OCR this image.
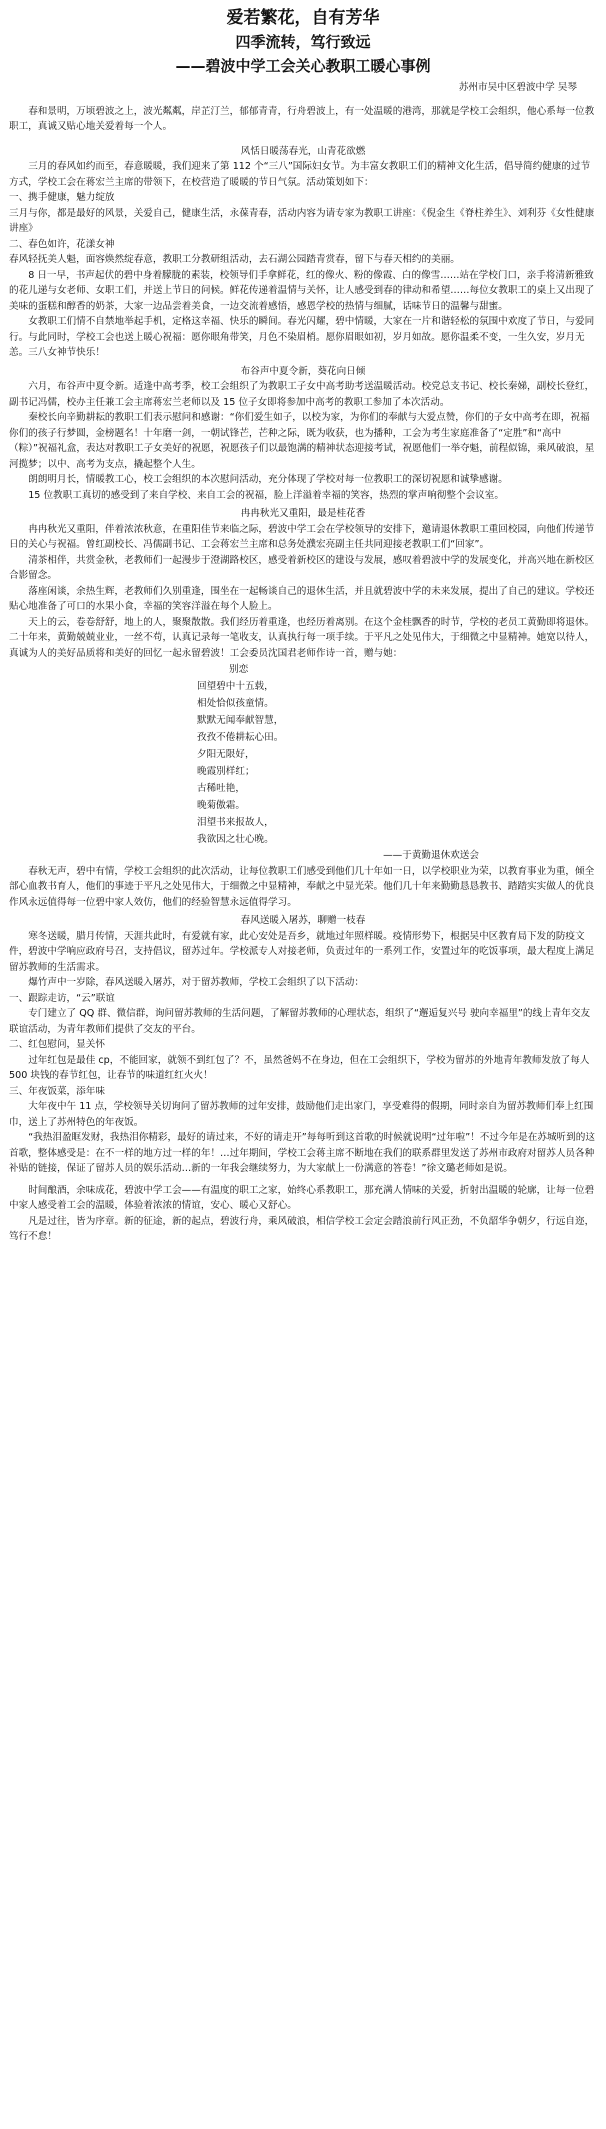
爱若繁花，自有芳华

四季流转，笃行致远

——碧波中学工会关心教职工暖心事例

苏州市吴中区碧波中学 吴琴

春和景明，万顷碧波之上，波光粼粼，岸芷汀兰，郁郁青青，行舟碧波上，有一处温暖的港湾，那就是学校工会组织，他心系每一位教职工，真诚又贴心地关爱着每一个人。

风恬日暖荡春光，山青花欲燃

三月的春风如约而至，春意暖暖，我们迎来了第 112 个“三八”国际妇女节。为丰富女教职工们的精神文化生活，倡导简约健康的过节方式，学校工会在蒋宏兰主席的带领下，在校营造了暖暖的节日气氛。活动策划如下：

一、携手健康，魅力绽放

三月与你，都是最好的风景，关爱自己，健康生活，永葆青春，活动内容为请专家为教职工讲座：《倪金生《脊柱养生》、刘利芬《女性健康讲座》

二、春色如许，花漾女神

春风轻抚美人魁，面容焕然绽春意，教职工分教研组活动，去石湖公园踏青赏春，留下与春天相约的美丽。

8 日一早，书声起伏的碧中身着朦胧的素装，校领导们手拿鲜花，红的像火、粉的像霞、白的像雪……站在学校门口，亲手将清新雅致的花儿递与女老师、女职工们，并送上节日的问候。鲜花传递着温情与关怀，让人感受到春的律动和希望……每位女教职工的桌上又出现了美味的蛋糕和醇香的奶茶，大家一边品尝着美食，一边交流着感悟，感恩学校的热情与细腻，话味节日的温馨与甜蜜。

女教职工们情不自禁地举起手机，定格这幸福、快乐的瞬间。春光闪耀，碧中情暖，大家在一片和谐轻松的氛围中欢度了节日，与爱同行。与此同时，学校工会也送上暖心祝福：愿你眼角带笑，月色不染眉梢。愿你眉眼如初，岁月如故。愿你温柔不变，一生久安，岁月无恙。三八女神节快乐！

布谷声中夏令新，葵花向日倾

六月，布谷声中夏令新。适逢中高考季，校工会组织了为教职工子女中高考助考送温暖活动。校党总支书记、校长秦娣，副校长登红，副书记冯儒，校办主任兼工会主席蒋宏兰老师以及 15 位子女即将参加中高考的教职工参加了本次活动。

秦校长向辛勤耕耘的教职工们表示慰问和感谢：“你们爱生如子，以校为家，为你们的奉献与大爱点赞，你们的子女中高考在即，祝福你们的孩子行梦圆，金榜题名！十年磨一剑，一朝试锋芒，芒种之际，既为收获，也为播种，工会为考生家庭准备了“定胜”和“高中（粽）”祝福礼盒，表达对教职工子女美好的祝愿，祝愿孩子们以最饱满的精神状态迎接考试，祝愿他们一举夺魁，前程似锦，乘风破浪，星河揽梦；以中、高考为支点，撬起整个人生。

朗朗明月长，情暖教工心，校工会组织的本次慰问活动，充分体现了学校对每一位教职工的深切祝愿和诚挚感谢。

15 位教职工真切的感受到了来自学校、来自工会的祝福，脸上洋溢着幸福的笑容，热烈的掌声响彻整个会议室。

冉冉秋光又重阳，最是桂花香

冉冉秋光又重阳，伴着浓浓秋意，在重阳佳节来临之际，碧波中学工会在学校领导的安排下，邀请退休教职工重回校园，向他们传递节日的关心与祝福。曾红副校长、冯儒副书记、工会蒋宏兰主席和总务处濮宏亮副主任共同迎接老教职工们“回家”。

清茶相伴，共赏金秋，老教师们一起漫步于澄湖路校区，感受着新校区的建设与发展，感叹着碧波中学的发展变化，并高兴地在新校区合影留念。

落座闲谈，余热生辉，老教师们久别重逢，围坐在一起畅谈自己的退休生活，并且就碧波中学的未来发展，提出了自己的建议。学校还贴心地准备了可口的水果小食，幸福的笑容洋溢在每个人脸上。

天上的云，卷卷舒舒，地上的人，聚聚散散。我们经历着重逢，也经历着离别。在这个金桂飘香的时节，学校的老员工黄勤即将退休。二十年来，黄勤兢兢业业，一丝不苟，认真记录每一笔收支，认真执行每一项手续。于平凡之处见伟大，于细微之中显精神。她宽以待人，真诚为人的美好品质将和美好的回忆一起永留碧波！工会委员沈国君老师作诗一首，赠与她：

别恋

回望碧中十五载，

相处恰似孩童情。

默默无闻奉献智慧，

孜孜不倦耕耘心田。

夕阳无限好，

晚霞別样红；

古稀吐艳，

晚菊傲霜。

泪望书来报故人，

我欲因之壮心晚。

——于黄勤退休欢送会

春秋无声，碧中有情，学校工会组织的此次活动，让每位教职工们感受到他们几十年如一日，以学校职业为荣，以教育事业为重，倾全部心血教书育人，他们的事迹于平凡之处见伟大，于细微之中显精神，奉献之中显光荣。他们几十年来勤勤恳恳教书、踏踏实实做人的优良作风永远值得每一位碧中家人效仿，他们的经验智慧永远值得学习。

春风送暖入屠苏，聊赠一枝春

寒冬送暖，腊月传情，天涯共此时，有爱就有家，此心安处是吾乡，就地过年照样暖。疫情形势下，根据吴中区教育局下发的防疫文件，碧波中学响应政府号召，支持倡议，留苏过年。学校派专人对接老师，负责过年的一系列工作，安置过年的吃饭事项，最大程度上满足留苏教师的生活需求。

爆竹声中一岁除，春风送暖入屠苏，对于留苏教师，学校工会组织了以下活动：

一、跟踪走访，“云”联谊

专门建立了 QQ 群、微信群，询问留苏教师的生活问题，了解留苏教师的心理状态，组织了“邂逅复兴号 驶向幸福里”的线上青年交友联谊活动，为青年教师们提供了交友的平台。

二、红包慰问，显关怀

过年红包是最佳 cp，不能回家，就领不到红包了？不，虽然爸妈不在身边，但在工会组织下，学校为留苏的外地青年教师发放了每人 500 块钱的春节红包，让春节的味道红红火火！

三、年夜饭菜，添年味

大年夜中午 11 点，学校领导关切询问了留苏教师的过年安排，鼓励他们走出家门，享受难得的假期，同时亲自为留苏教师们奉上红围巾，送上了苏州特色的年夜饭。

“我热泪盈眶发财，我热泪你精彩，最好的请过来，不好的请走开”每每听到这首歌的时候就说明“过年啦”！不过今年是在苏城听到的这首歌，整体感受是：在不一样的地方过一样的年！…过年期间，学校工会蒋主席不断地在我们的联系群里发送了苏州市政府对留苏人员各种补贴的链接，保证了留苏人员的娱乐活动…新的一年我会继续努力，为大家献上一份满意的答卷！”徐文璐老师如是说。

时间酿酒，余味成花，碧波中学工会——有温度的职工之家，始终心系教职工，那充满人情味的关爱，折射出温暖的轮廓，让每一位碧中家人感受着工会的温暖，体验着浓浓的情谊，安心、暖心又舒心。

凡是过往，皆为序章。新的征途，新的起点，碧波行舟，乘风破浪，相信学校工会定会踏浪前行风正劲，不负韶华争朝夕，行远自迩，笃行不怠！
